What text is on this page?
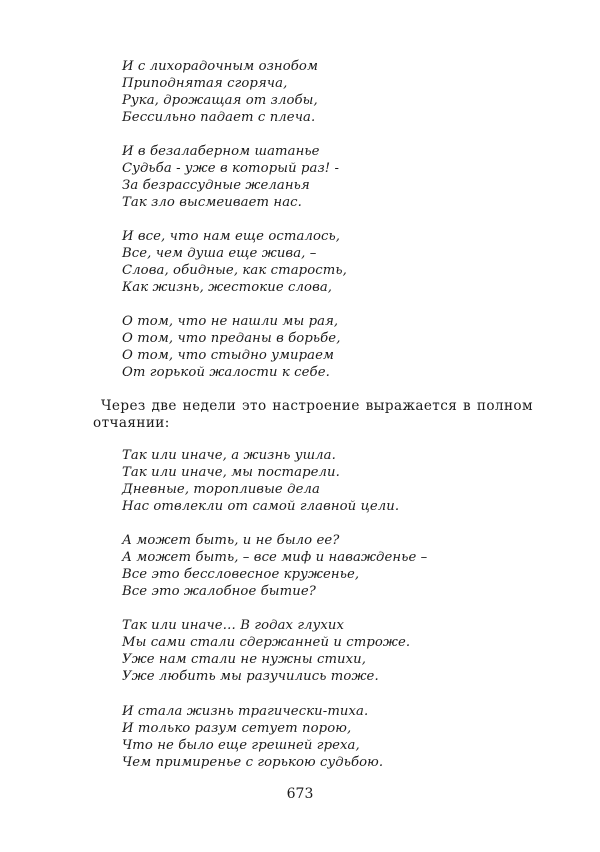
И с лихорадочным ознобом
Приподнятая сгоряча,
Рука, дрожащая от злобы,
Бессильно падает с плеча.
И в безалаберном шатанье
Судьба - уже в который раз! -
За безрассудные желанья
Так зло высмеивает нас.
И все, что нам еще осталось,
Все, чем душа еще жива, –
Слова, обидные, как старость,
Как жизнь, жестокие слова,
О том, что не нашли мы рая,
О том, что преданы в борьбе,
О том, что стыдно умираем
От горькой жалости к себе.

Через две недели это настроение выражается в полном отчаянии:

Так или иначе, а жизнь ушла.
Так или иначе, мы постарели.
Дневные, торопливые дела
Нас отвлекли от самой главной цели.
А может быть, и не было ее?
А может быть, – все миф и наважденье –
Все это бессловесное круженье,
Все это жалобное бытие?
Так или иначе… В годах глухих
Мы сами стали сдержанней и строже.
Уже нам стали не нужны стихи,
Уже любить мы разучились тоже.
И стала жизнь трагически-тиха.
И только разум сетует порою,
Что не было еще грешней греха,
Чем примиренье с горькою судьбою.
673
